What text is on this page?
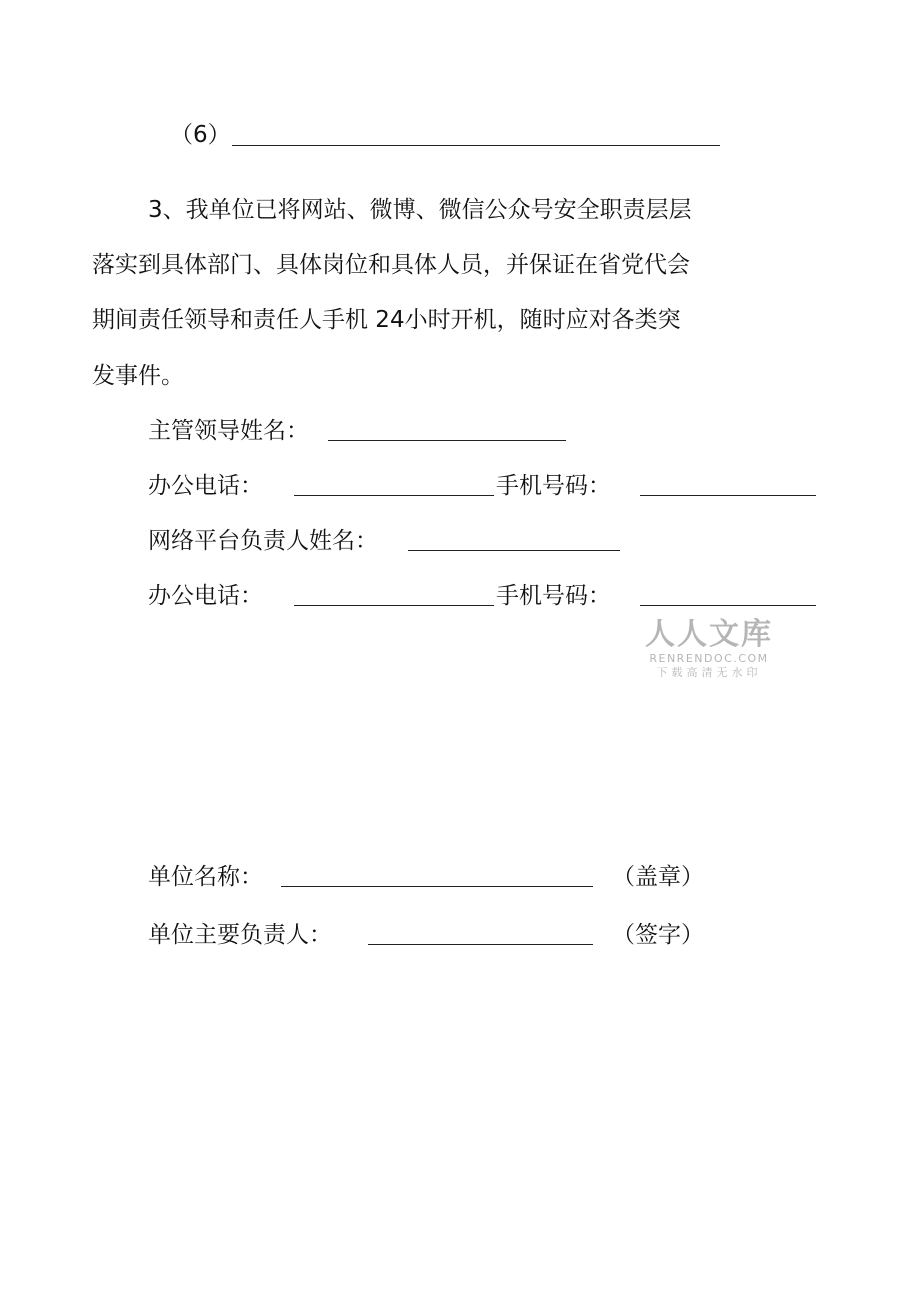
（6）
3、我单位已将网站、微博、微信公众号安全职责层层
落实到具体部门、具体岗位和具体人员，并保证在省党代会
期间责任领导和责任人手机 24小时开机，随时应对各类突
发事件。
主管领导姓名：
办公电话：	手机号码：
网络平台负责人姓名：
办公电话：	手机号码：
人人文库
RENRENDOC.COM
下载高清无水印
单位名称：	（盖章）
单位主要负责人：	（签字）
